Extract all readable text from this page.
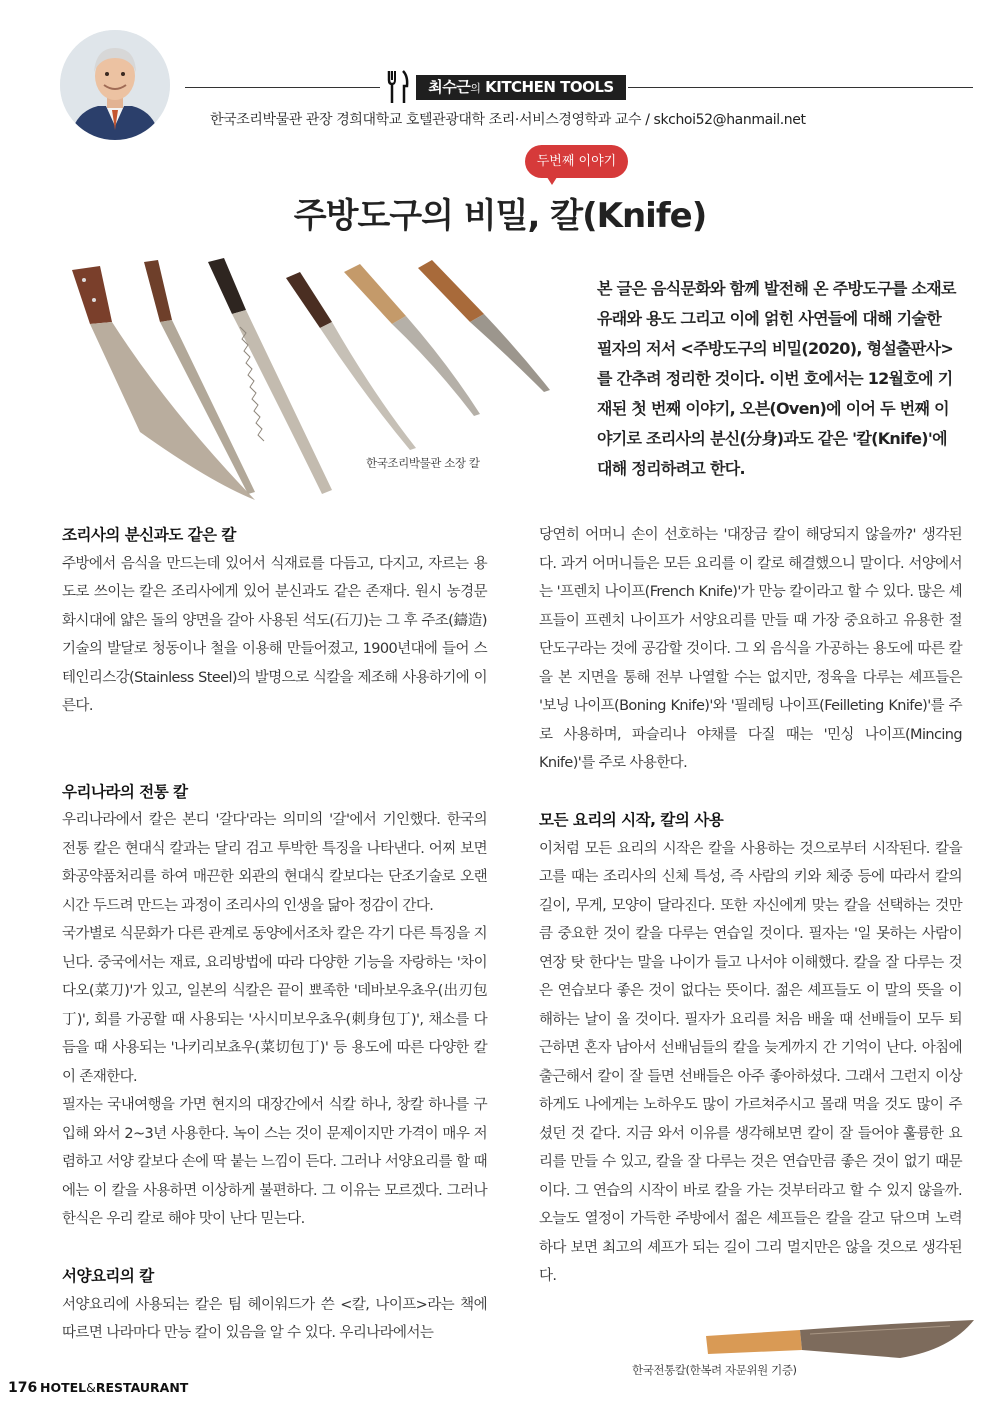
최수근의 KITCHEN TOOLS
한국조리박물관 관장 경희대학교 호텔관광대학 조리·서비스경영학과 교수 / skchoi52@hanmail.net
두번째 이야기
주방도구의 비밀, 칼(Knife)
한국조리박물관 소장 칼
본 글은 음식문화와 함께 발전해 온 주방도구를 소재로 유래와 용도 그리고 이에 얽힌 사연들에 대해 기술한 필자의 저서 <주방도구의 비밀(2020), 형설출판사>를 간추려 정리한 것이다. 이번 호에서는 12월호에 기재된 첫 번째 이야기, 오븐(Oven)에 이어 두 번째 이야기로 조리사의 분신(分身)과도 같은 '칼(Knife)'에 대해 정리하려고 한다.

조리사의 분신과도 같은 칼

주방에서 음식을 만드는데 있어서 식재료를 다듬고, 다지고, 자르는 용도로 쓰이는 칼은 조리사에게 있어 분신과도 같은 존재다. 원시 농경문화시대에 얇은 돌의 양면을 갈아 사용된 석도(石刀)는 그 후 주조(鑄造)기술의 발달로 청동이나 철을 이용해 만들어졌고, 1900년대에 들어 스테인리스강(Stainless Steel)의 발명으로 식칼을 제조해 사용하기에 이른다.

우리나라의 전통 칼

우리나라에서 칼은 본디 '갈다'라는 의미의 '갈'에서 기인했다. 한국의 전통 칼은 현대식 칼과는 달리 검고 투박한 특징을 나타낸다. 어찌 보면 화공약품처리를 하여 매끈한 외관의 현대식 칼보다는 단조기술로 오랜 시간 두드려 만드는 과정이 조리사의 인생을 닮아 정감이 간다.

국가별로 식문화가 다른 관계로 동양에서조차 칼은 각기 다른 특징을 지닌다. 중국에서는 재료, 요리방법에 따라 다양한 기능을 자랑하는 '차이다오(菜刀)'가 있고, 일본의 식칼은 끝이 뾰족한 '데바보우쵸우(出刃包丁)', 회를 가공할 때 사용되는 '사시미보우쵸우(刺身包丁)', 채소를 다듬을 때 사용되는 '나키리보쵸우(菜切包丁)' 등 용도에 따른 다양한 칼이 존재한다.

필자는 국내여행을 가면 현지의 대장간에서 식칼 하나, 창칼 하나를 구입해 와서 2~3년 사용한다. 녹이 스는 것이 문제이지만 가격이 매우 저렴하고 서양 칼보다 손에 딱 붙는 느낌이 든다. 그러나 서양요리를 할 때에는 이 칼을 사용하면 이상하게 불편하다. 그 이유는 모르겠다. 그러나 한식은 우리 칼로 해야 맛이 난다 믿는다.

서양요리의 칼

서양요리에 사용되는 칼은 팀 헤이워드가 쓴 <칼, 나이프>라는 책에 따르면 나라마다 만능 칼이 있음을 알 수 있다. 우리나라에서는

당연히 어머니 손이 선호하는 '대장금 칼이 해당되지 않을까?' 생각된다. 과거 어머니들은 모든 요리를 이 칼로 해결했으니 말이다. 서양에서는 '프렌치 나이프(French Knife)'가 만능 칼이라고 할 수 있다. 많은 셰프들이 프렌치 나이프가 서양요리를 만들 때 가장 중요하고 유용한 절단도구라는 것에 공감할 것이다. 그 외 음식을 가공하는 용도에 따른 칼을 본 지면을 통해 전부 나열할 수는 없지만, 정육을 다루는 셰프들은 '보닝 나이프(Boning Knife)'와 '필레팅 나이프(Feilleting Knife)'를 주로 사용하며, 파슬리나 야채를 다질 때는 '민싱 나이프(Mincing Knife)'를 주로 사용한다.

모든 요리의 시작, 칼의 사용

이처럼 모든 요리의 시작은 칼을 사용하는 것으로부터 시작된다. 칼을 고를 때는 조리사의 신체 특성, 즉 사람의 키와 체중 등에 따라서 칼의 길이, 무게, 모양이 달라진다. 또한 자신에게 맞는 칼을 선택하는 것만큼 중요한 것이 칼을 다루는 연습일 것이다. 필자는 '일 못하는 사람이 연장 탓 한다'는 말을 나이가 들고 나서야 이해했다. 칼을 잘 다루는 것은 연습보다 좋은 것이 없다는 뜻이다. 젊은 셰프들도 이 말의 뜻을 이해하는 날이 올 것이다. 필자가 요리를 처음 배울 때 선배들이 모두 퇴근하면 혼자 남아서 선배님들의 칼을 늦게까지 간 기억이 난다. 아침에 출근해서 칼이 잘 들면 선배들은 아주 좋아하셨다. 그래서 그런지 이상하게도 나에게는 노하우도 많이 가르쳐주시고 몰래 먹을 것도 많이 주셨던 것 같다. 지금 와서 이유를 생각해보면 칼이 잘 들어야 훌륭한 요리를 만들 수 있고, 칼을 잘 다루는 것은 연습만큼 좋은 것이 없기 때문이다. 그 연습의 시작이 바로 칼을 가는 것부터라고 할 수 있지 않을까. 오늘도 열정이 가득한 주방에서 젊은 셰프들은 칼을 갈고 닦으며 노력하다 보면 최고의 셰프가 되는 길이 그리 멀지만은 않을 것으로 생각된다.

한국전통칼(한복려 자문위원 기증)
176 HOTEL&RESTAURANT
